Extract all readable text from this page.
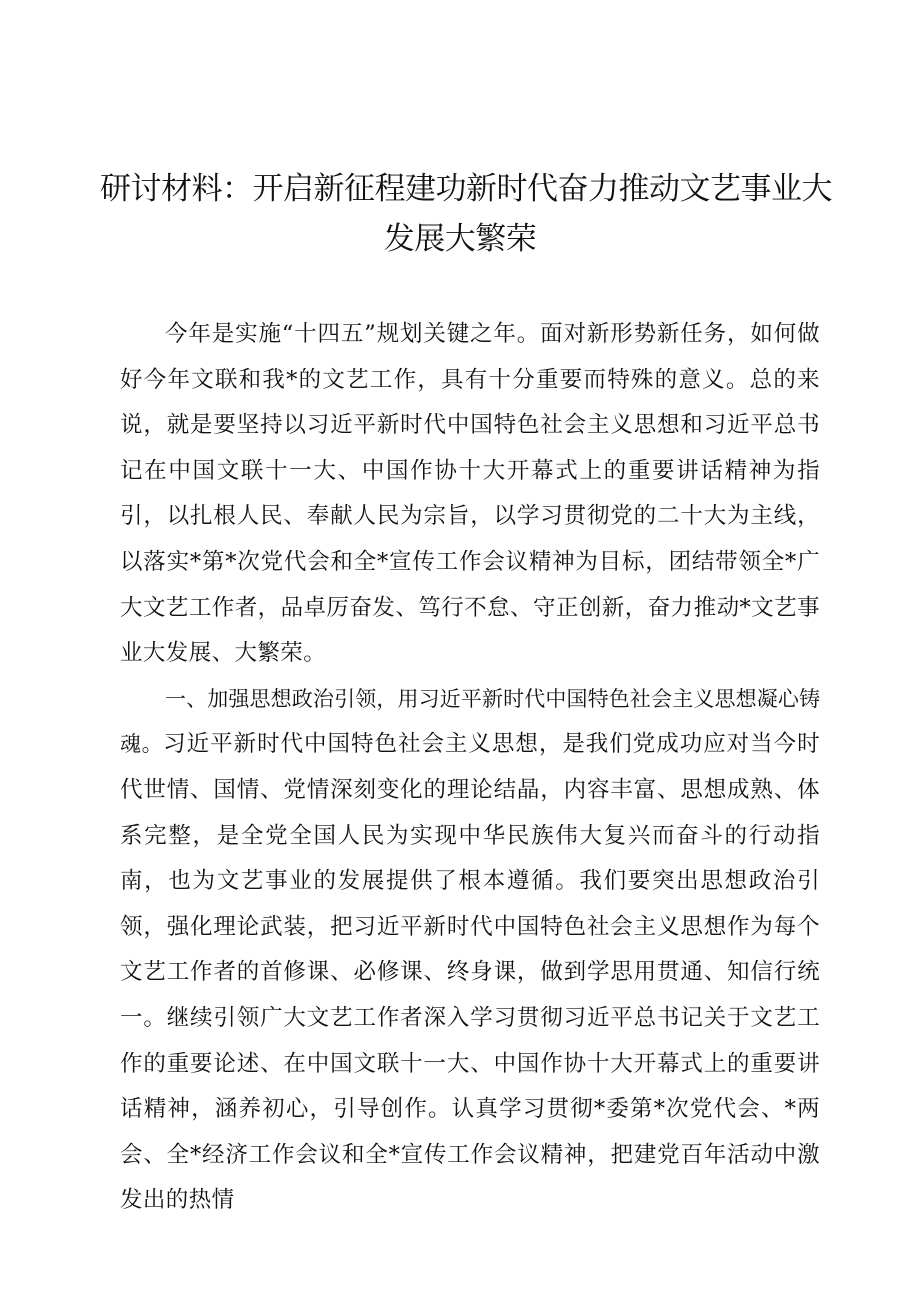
研讨材料：开启新征程建功新时代奋力推动文艺事业大
发展大繁荣

今年是实施“十四五”规划关键之年。面对新形势新任务，如何做好今年文联和我*的文艺工作，具有十分重要而特殊的意义。总的来说，就是要坚持以习近平新时代中国特色社会主义思想和习近平总书记在中国文联十一大、中国作协十大开幕式上的重要讲话精神为指引，以扎根人民、奉献人民为宗旨，以学习贯彻党的二十大为主线，以落实*第*次党代会和全*宣传工作会议精神为目标，团结带领全*广大文艺工作者，品卓厉奋发、笃行不怠、守正创新，奋力推动*文艺事业大发展、大繁荣。

一、加强思想政治引领，用习近平新时代中国特色社会主义思想凝心铸魂。习近平新时代中国特色社会主义思想，是我们党成功应对当今时代世情、国情、党情深刻变化的理论结晶，内容丰富、思想成熟、体系完整，是全党全国人民为实现中华民族伟大复兴而奋斗的行动指南，也为文艺事业的发展提供了根本遵循。我们要突出思想政治引领，强化理论武装，把习近平新时代中国特色社会主义思想作为每个文艺工作者的首修课、必修课、终身课，做到学思用贯通、知信行统一。继续引领广大文艺工作者深入学习贯彻习近平总书记关于文艺工作的重要论述、在中国文联十一大、中国作协十大开幕式上的重要讲话精神，涵养初心，引导创作。认真学习贯彻*委第*次党代会、*两会、全*经济工作会议和全*宣传工作会议精神，把建党百年活动中激发出的热情
